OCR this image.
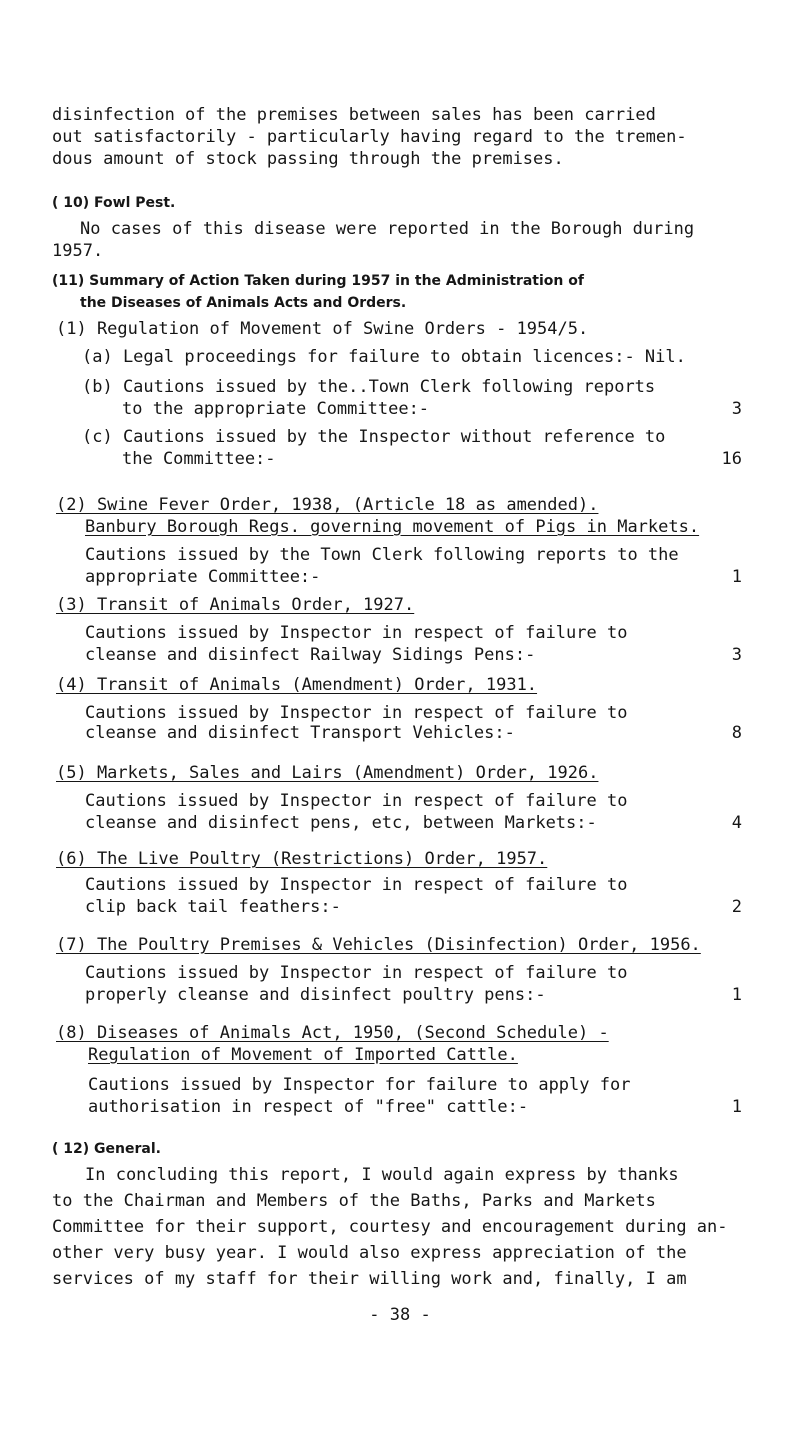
disinfection of the premises between sales has been carried
out satisfactorily - particularly having regard to the tremen-
dous amount of stock passing through the premises.
( 10) Fowl Pest.
No cases of this disease were reported in the Borough during
1957.
(11) Summary of Action Taken during 1957 in the Administration of
the Diseases of Animals Acts and Orders.
(1) Regulation of Movement of Swine Orders - 1954/5.
(a) Legal proceedings for failure to obtain licences:- Nil.
(b) Cautions issued by the..Town Clerk following reports
to the appropriate Committee:-	3
(c) Cautions issued by the Inspector without reference to
the Committee:-	16
(2) Swine Fever Order, 1938, (Article 18 as amended).
Banbury Borough Regs. governing movement of Pigs in Markets.
Cautions issued by the Town Clerk following reports to the
appropriate Committee:-	1
(3) Transit of Animals Order, 1927.
Cautions issued by Inspector in respect of failure to
cleanse and disinfect Railway Sidings Pens:-	3
(4) Transit of Animals (Amendment) Order, 1931.
Cautions issued by Inspector in respect of failure to
cleanse and disinfect Transport Vehicles:-	8
(5) Markets, Sales and Lairs (Amendment) Order, 1926.
Cautions issued by Inspector in respect of failure to
cleanse and disinfect pens, etc, between Markets:-	4
(6) The Live Poultry (Restrictions) Order, 1957.
Cautions issued by Inspector in respect of failure to
clip back tail feathers:-	2
(7) The Poultry Premises & Vehicles (Disinfection) Order, 1956.
Cautions issued by Inspector in respect of failure to
properly cleanse and disinfect poultry pens:-	1
(8) Diseases of Animals Act, 1950, (Second Schedule) -
Regulation of Movement of Imported Cattle.
Cautions issued by Inspector for failure to apply for
authorisation in respect of "free" cattle:-	1
( 12) General.
In concluding this report, I would again express by thanks
to the Chairman and Members of the Baths, Parks and Markets
Committee for their support, courtesy and encouragement during an-
other very busy year. I would also express appreciation of the
services of my staff for their willing work and, finally, I am
- 38 -
